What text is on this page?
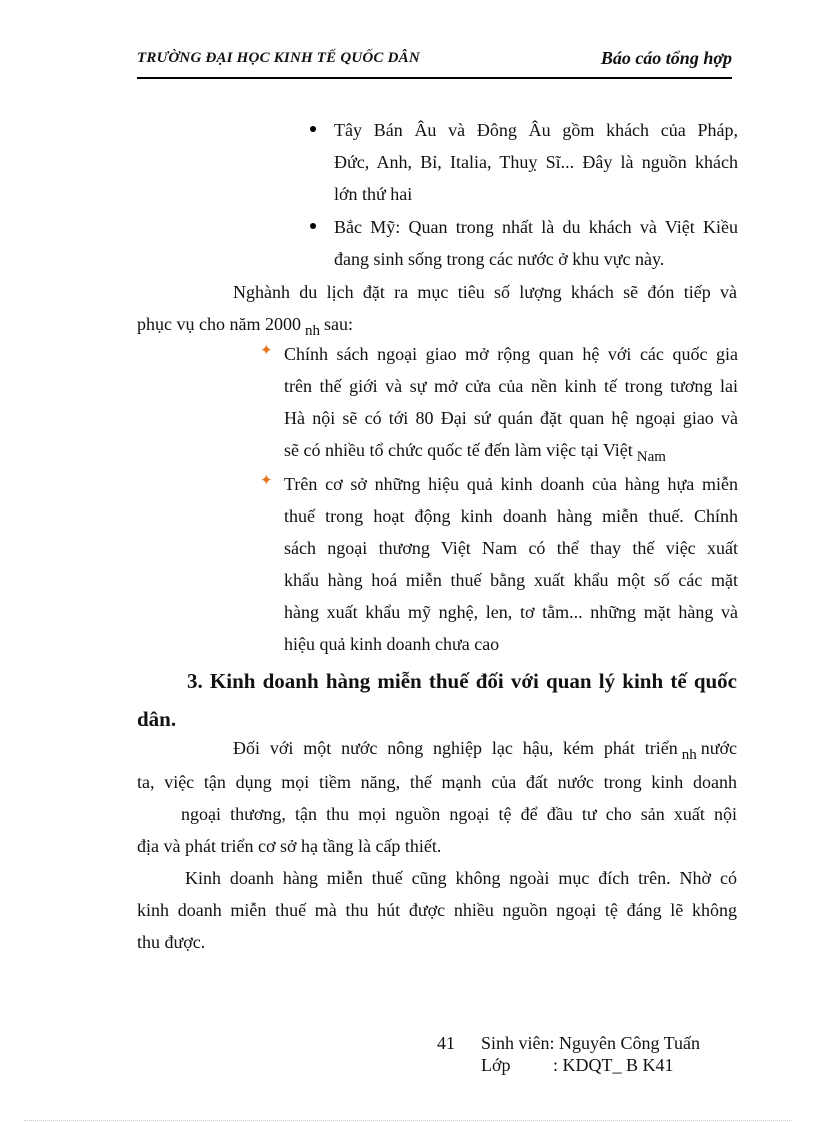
TRƯỜNG ĐẠI HỌC KINH TẾ QUỐC DÂN	Báo cáo tổng hợp
Tây Bán Âu và Đông Âu gồm khách của Pháp,
Đức, Anh, Bỉ, Italia, Thuỵ Sĩ... Đây là nguồn khách
lớn thứ hai
Bắc Mỹ: Quan trong nhất là du khách và Việt Kiều
đang sinh sống trong các nước ở khu vực này.
Nghành du lịch đặt ra mục tiêu số lượng khách sẽ đón tiếp và
phục vụ cho năm 2000 $_{nh}$ sau:
✦ Chính sách ngoại giao mở rộng quan hệ với các quốc gia
trên thế giới và sự mở cửa của nền kinh tế trong tương lai
Hà nội sẽ có tới 80 Đại sứ quán đặt quan hệ ngoại giao và
sẽ có nhiều tổ chức quốc tế đến làm việc tại Việt $_{Nam}$
✦ Trên cơ sở những hiệu quả kinh doanh của hàng hựa miễn
thuế trong hoạt động kinh doanh hàng miễn thuế. Chính
sách ngoại thương Việt Nam có thể thay thế việc xuất
khẩu hàng hoá miễn thuế bằng xuất khẩu một số các mặt
hàng xuất khẩu mỹ nghệ, len, tơ tằm... những mặt hàng và
hiệu quả kinh doanh chưa cao
3. Kinh doanh hàng miễn thuế đối với quan lý kinh tế quốc
dân.
Đối với một nước nông nghiệp lạc hậu, kém phát triển $_{nh}$ nước
ta, việc tận dụng mọi tiềm năng, thế mạnh của đất nước trong kinh doanh
ngoại thương, tận thu mọi nguồn ngoại tệ để đầu tư cho sản xuất nội
địa và phát triển cơ sở hạ tầng là cấp thiết.
Kinh doanh hàng miễn thuế cũng không ngoài mục đích trên. Nhờ có
kinh doanh miễn thuế mà thu hút được nhiều nguồn ngoại tệ đáng lẽ không
thu được.
41 Sinh viên: Nguyên Công Tuấn
Lớp : KDQT_ B K41
